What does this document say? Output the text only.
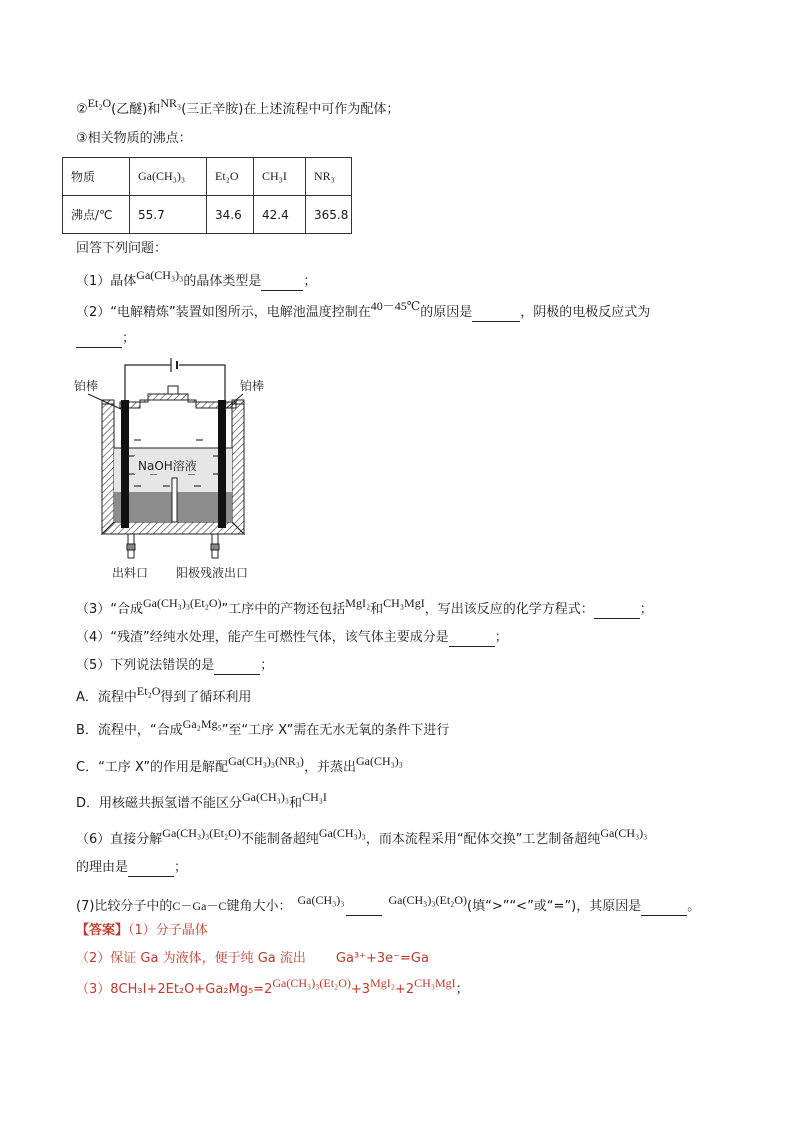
②Et₂O(乙醚)和NR₃(三正辛胺)在上述流程中可作为配体；
③相关物质的沸点：
物质	Ga(CH₃)₃	Et₂O	CH₃I	NR₃
沸点/℃	55.7	34.6	42.4	365.8
回答下列问题：
（1）晶体Ga(CH₃)₃的晶体类型是	；
（2）“电解精炼”装置如图所示，电解池温度控制在40－45℃的原因是	，阴极的电极反应式为
；
铂棒	铂棒
NaOH溶液
出料口 阳极残液出口
（3）“合成Ga(CH₃)₃(Et₂O)”工序中的产物还包括MgI₂和CH₃MgI，写出该反应的化学方程式：	；
（4）“残渣”经纯水处理，能产生可燃性气体，该气体主要成分是	；
（5）下列说法错误的是	；
A．流程中Et₂O得到了循环利用
B．流程中，“合成Ga₂Mg₅”至“工序 X”需在无水无氧的条件下进行
C．“工序 X”的作用是解配Ga(CH₃)₃(NR₃)，并蒸出Ga(CH₃)₃
D．用核磁共振氢谱不能区分Ga(CH₃)₃和CH₃I
（6）直接分解Ga(CH₃)₃(Et₂O)不能制备超纯Ga(CH₃)₃，而本流程采用“配体交换”工艺制备超纯Ga(CH₃)₃
的理由是	；
(7)比较分子中的C－Ga－C键角大小： Ga(CH₃)₃	Ga(CH₃)₃(Et₂O)(填“>”“<”或“=”)，其原因是	。
【答案】（1）分子晶体
（2）保证 Ga 为液体，便于纯 Ga 流出 Ga³⁺+3e⁻=Ga
（3）8CH₃I+2Et₂O+Ga₂Mg₅=2Ga(CH₃)₃(Et₂O)+3MgI₂+2CH₃MgI；
